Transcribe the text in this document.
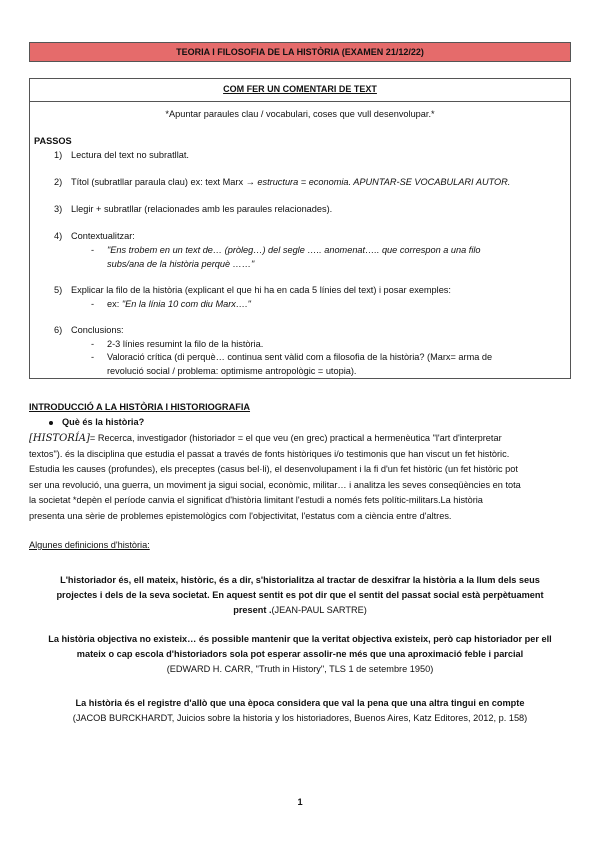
TEORIA I FILOSOFIA DE LA HISTÒRIA (EXAMEN 21/12/22)
COM FER UN COMENTARI DE TEXT
*Apuntar paraules clau / vocabulari, coses que vull desenvolupar.*
PASSOS
1) Lectura del text no subratllat.
2) Títol (subratllar paraula clau) ex: text Marx → estructura = economia. APUNTAR-SE VOCABULARI AUTOR.
3) Llegir + subratllar (relacionades amb les paraules relacionades).
4) Contextualitzar:
- "Ens trobem en un text de… (pròleg…) del segle ….. anomenat….. que correspon a una filo
subs/ana de la història perquè ……"
5) Explicar la filo de la història (explicant el que hi ha en cada 5 línies del text) i posar exemples:
- ex: "En la línia 10 com diu Marx…."
6) Conclusions:
- 2-3 línies resumint la filo de la història.
- Valoració crítica (di perquè… continua sent vàlid com a filosofia de la història? (Marx= arma de
revolució social / problema: optimisme antropològic = utopia).
INTRODUCCIÓ A LA HISTÒRIA I HISTORIOGRAFIA
Què és la història?
[HISTORÍA]= Recerca, investigador (historiador = el que veu (en grec) practical a hermenèutica "l'art d'interpretar
textos"). és la disciplina que estudia el passat a través de fonts històriques i/o testimonis que han viscut un fet històric.
Estudia les causes (profundes), els preceptes (casus bel·li), el desenvolupament i la fi d'un fet històric (un fet històric pot
ser una revolució, una guerra, un moviment ja sigui social, econòmic, militar… i analitza les seves conseqüències en tota
la societat *depèn el període canvia el significat d'història limitant l'estudi a només fets polític-militars.La història
presenta una sèrie de problemes epistemològics com l'objectivitat, l'estatus com a ciència entre d'altres.
Algunes definicions d'història:
L'historiador és, ell mateix, històric, és a dir, s'historialitza al tractar de desxifrar la història a la llum dels seus
projectes i dels de la seva societat. En aquest sentit es pot dir que el sentit del passat social està perpètuament
present .(JEAN-PAUL SARTRE)
La història objectiva no existeix… és possible mantenir que la veritat objectiva existeix, però cap historiador per ell
mateix o cap escola d'historiadors sola pot esperar assolir-ne més que una aproximació feble i parcial
(EDWARD H. CARR, "Truth in History", TLS 1 de setembre 1950)
La història és el registre d'allò que una època considera que val la pena que una altra tingui en compte
(JACOB BURCKHARDT, Juicios sobre la historia y los historiadores, Buenos Aires, Katz Editores, 2012, p. 158)
1
